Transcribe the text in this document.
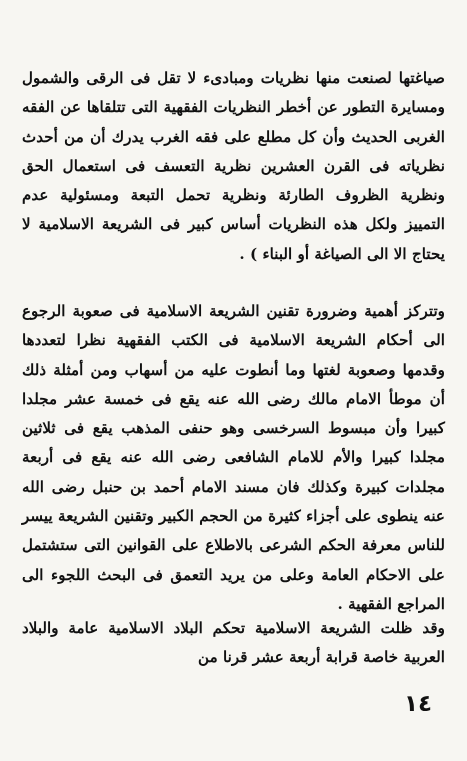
صياغتها لصنعت منها نظريات ومبادىء لا تقل فى الرقى والشمول ومسايرة التطور عن أخطر النظريات الفقهية التى تتلقاها عن الفقه الغربى الحديث وأن كل مطلع على فقه الغرب يدرك أن من أحدث نظرياته فى القرن العشرين نظرية التعسف فى استعمال الحق ونظرية الظروف الطارئة ونظرية تحمل التبعة ومسئولية عدم التمييز ولكل هذه النظريات أساس كبير فى الشريعة الاسلامية لا يحتاج الا الى الصياغة أو البناء ) .

وتتركز أهمية وضرورة تقنين الشريعة الاسلامية فى صعوبة الرجوع الى أحكام الشريعة الاسلامية فى الكتب الفقهية نظرا لتعددها وقدمها وصعوبة لغتها وما أنطوت عليه من أسهاب ومن أمثلة ذلك أن موطأ الامام مالك رضى الله عنه يقع فى خمسة عشر مجلدا كبيرا وأن مبسوط السرخسى وهو حنفى المذهب يقع فى ثلاثين مجلدا كبيرا والأم للامام الشافعى رضى الله عنه يقع فى أربعة مجلدات كبيرة وكذلك فان مسند الامام أحمد بن حنبل رضى الله عنه ينطوى على أجزاء كثيرة من الحجم الكبير وتقنين الشريعة ييسر للناس معرفة الحكم الشرعى بالاطلاع على القوانين التى ستشتمل على الاحكام العامة وعلى من يريد التعمق فى البحث اللجوء الى المراجع الفقهية .

وقد ظلت الشريعة الاسلامية تحكم البلاد الاسلامية عامة والبلاد العربية خاصة قرابة أربعة عشر قرنا من

١٤
